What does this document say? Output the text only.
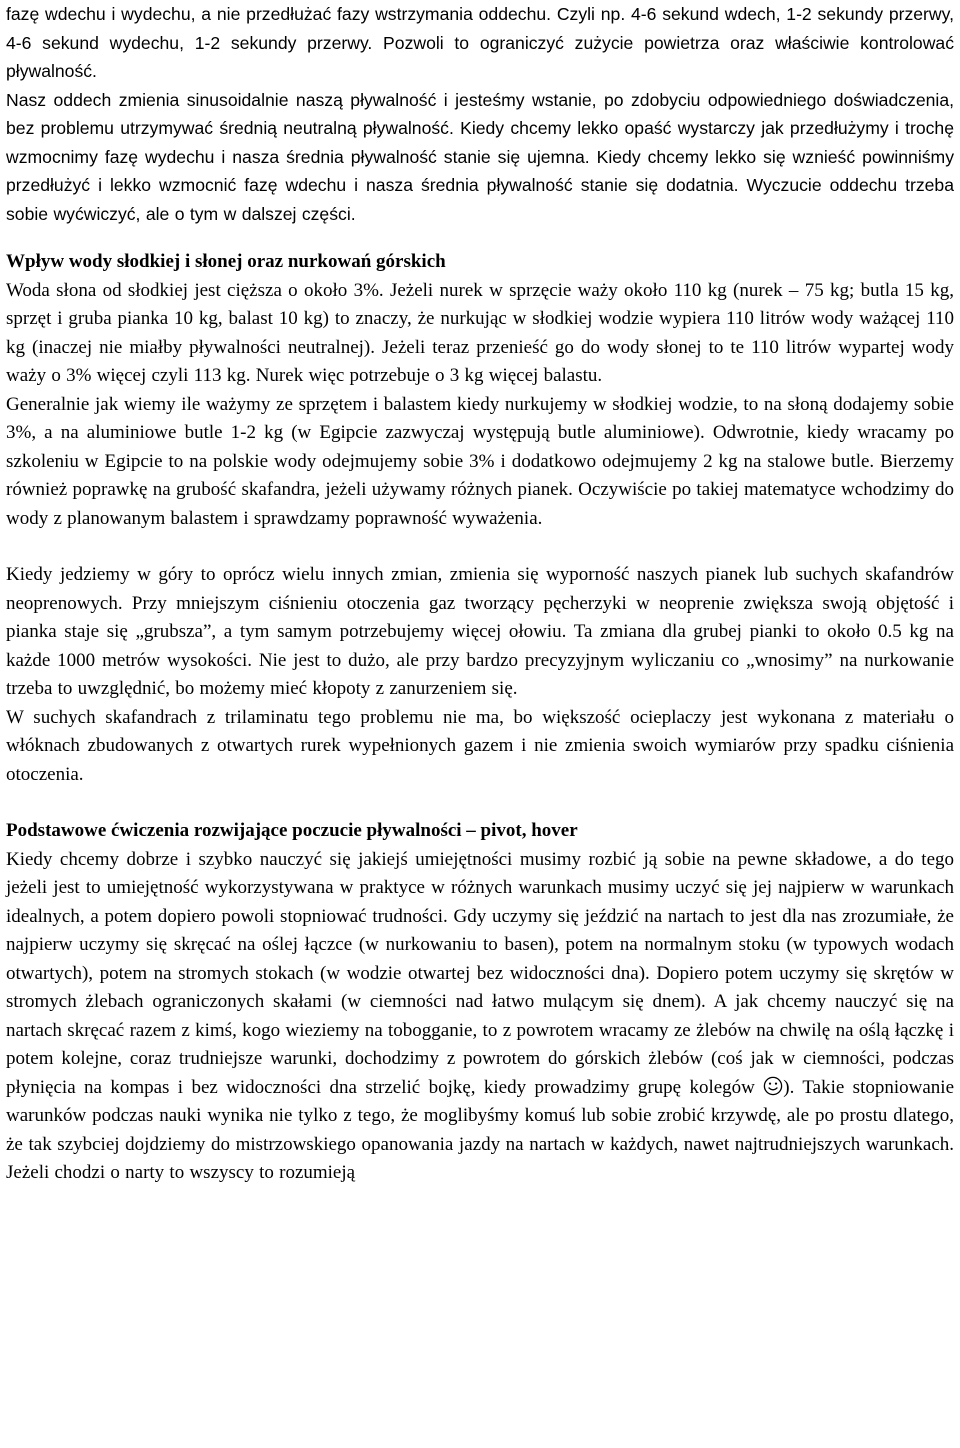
fazę wdechu i wydechu, a nie przedłużać fazy wstrzymania oddechu. Czyli np. 4-6 sekund wdech, 1-2 sekundy przerwy, 4-6 sekund wydechu, 1-2 sekundy przerwy. Pozwoli to ograniczyć zużycie powietrza oraz właściwie kontrolować pływalność.

Nasz oddech zmienia sinusoidalnie naszą pływalność i jesteśmy wstanie, po zdobyciu odpowiedniego doświadczenia, bez problemu utrzymywać średnią neutralną pływalność. Kiedy chcemy lekko opaść wystarczy jak przedłużymy i trochę wzmocnimy fazę wydechu i nasza średnia pływalność stanie się ujemna. Kiedy chcemy lekko się wznieść powinniśmy przedłużyć i lekko wzmocnić fazę wdechu i nasza średnia pływalność stanie się dodatnia. Wyczucie oddechu trzeba sobie wyćwiczyć, ale o tym w dalszej części.

Wpływ wody słodkiej i słonej oraz nurkowań górskich

Woda słona od słodkiej jest cięższa o około 3%. Jeżeli nurek w sprzęcie waży około 110 kg (nurek – 75 kg; butla 15 kg, sprzęt i gruba pianka 10 kg, balast 10 kg) to znaczy, że nurkując w słodkiej wodzie wypiera 110 litrów wody ważącej 110 kg (inaczej nie miałby pływalności neutralnej). Jeżeli teraz przenieść go do wody słonej to te 110 litrów wypartej wody waży o 3% więcej czyli 113 kg. Nurek więc potrzebuje o 3 kg więcej balastu.

Generalnie jak wiemy ile ważymy ze sprzętem i balastem kiedy nurkujemy w słodkiej wodzie, to na słoną dodajemy sobie 3%, a na aluminiowe butle 1-2 kg (w Egipcie zazwyczaj występują butle aluminiowe). Odwrotnie, kiedy wracamy po szkoleniu w Egipcie to na polskie wody odejmujemy sobie 3% i dodatkowo odejmujemy 2 kg na stalowe butle. Bierzemy również poprawkę na grubość skafandra, jeżeli używamy różnych pianek. Oczywiście po takiej matematyce wchodzimy do wody z planowanym balastem i sprawdzamy poprawność wyważenia.

Kiedy jedziemy w góry to oprócz wielu innych zmian, zmienia się wyporność naszych pianek lub suchych skafandrów neoprenowych. Przy mniejszym ciśnieniu otoczenia gaz tworzący pęcherzyki w neoprenie zwiększa swoją objętość i pianka staje się „grubsza”, a tym samym potrzebujemy więcej ołowiu. Ta zmiana dla grubej pianki to około 0.5 kg na każde 1000 metrów wysokości. Nie jest to dużo, ale przy bardzo precyzyjnym wyliczaniu co „wnosimy” na nurkowanie trzeba to uwzględnić, bo możemy mieć kłopoty z zanurzeniem się.

W suchych skafandrach z trilaminatu tego problemu nie ma, bo większość ocieplaczy jest wykonana z materiału o włóknach zbudowanych z otwartych rurek wypełnionych gazem i nie zmienia swoich wymiarów przy spadku ciśnienia otoczenia.

Podstawowe ćwiczenia rozwijające poczucie pływalności – pivot, hover

Kiedy chcemy dobrze i szybko nauczyć się jakiejś umiejętności musimy rozbić ją sobie na pewne składowe, a do tego jeżeli jest to umiejętność wykorzystywana w praktyce w różnych warunkach musimy uczyć się jej najpierw w warunkach idealnych, a potem dopiero powoli stopniować trudności. Gdy uczymy się jeździć na nartach to jest dla nas zrozumiałe, że najpierw uczymy się skręcać na oślej łączce (w nurkowaniu to basen), potem na normalnym stoku (w typowych wodach otwartych), potem na stromych stokach (w wodzie otwartej bez widoczności dna). Dopiero potem uczymy się skrętów w stromych żlebach ograniczonych skałami (w ciemności nad łatwo mulącym się dnem). A jak chcemy nauczyć się na nartach skręcać razem z kimś, kogo wieziemy na tobogganie, to z powrotem wracamy ze żlebów na chwilę na oślą łączkę i potem kolejne, coraz trudniejsze warunki, dochodzimy z powrotem do górskich żlebów (coś jak w ciemności, podczas płynięcia na kompas i bez widoczności dna strzelić bojkę, kiedy prowadzimy grupę kolegów ). Takie stopniowanie warunków podczas nauki wynika nie tylko z tego, że moglibyśmy komuś lub sobie zrobić krzywdę, ale po prostu dlatego, że tak szybciej dojdziemy do mistrzowskiego opanowania jazdy na nartach w każdych, nawet najtrudniejszych warunkach. Jeżeli chodzi o narty to wszyscy to rozumieją
